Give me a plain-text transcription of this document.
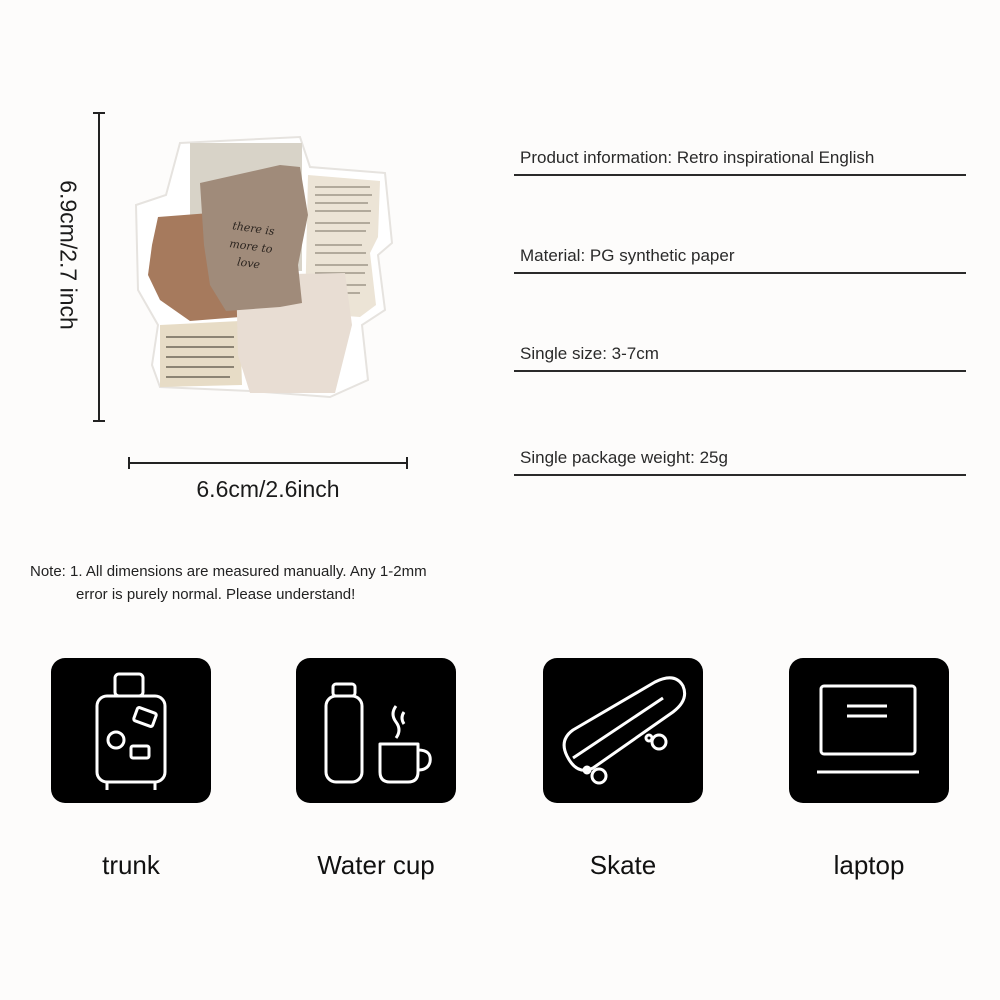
there is
more to
love
6.9cm/2.7 inch
6.6cm/2.6inch
Note: 1. All dimensions are measured manually. Any 1-2mm
error is purely normal. Please understand!
Product information: Retro inspirational English
Material: PG synthetic paper
Single size: 3-7cm
Single package weight: 25g
trunk	Water cup	Skate	laptop
